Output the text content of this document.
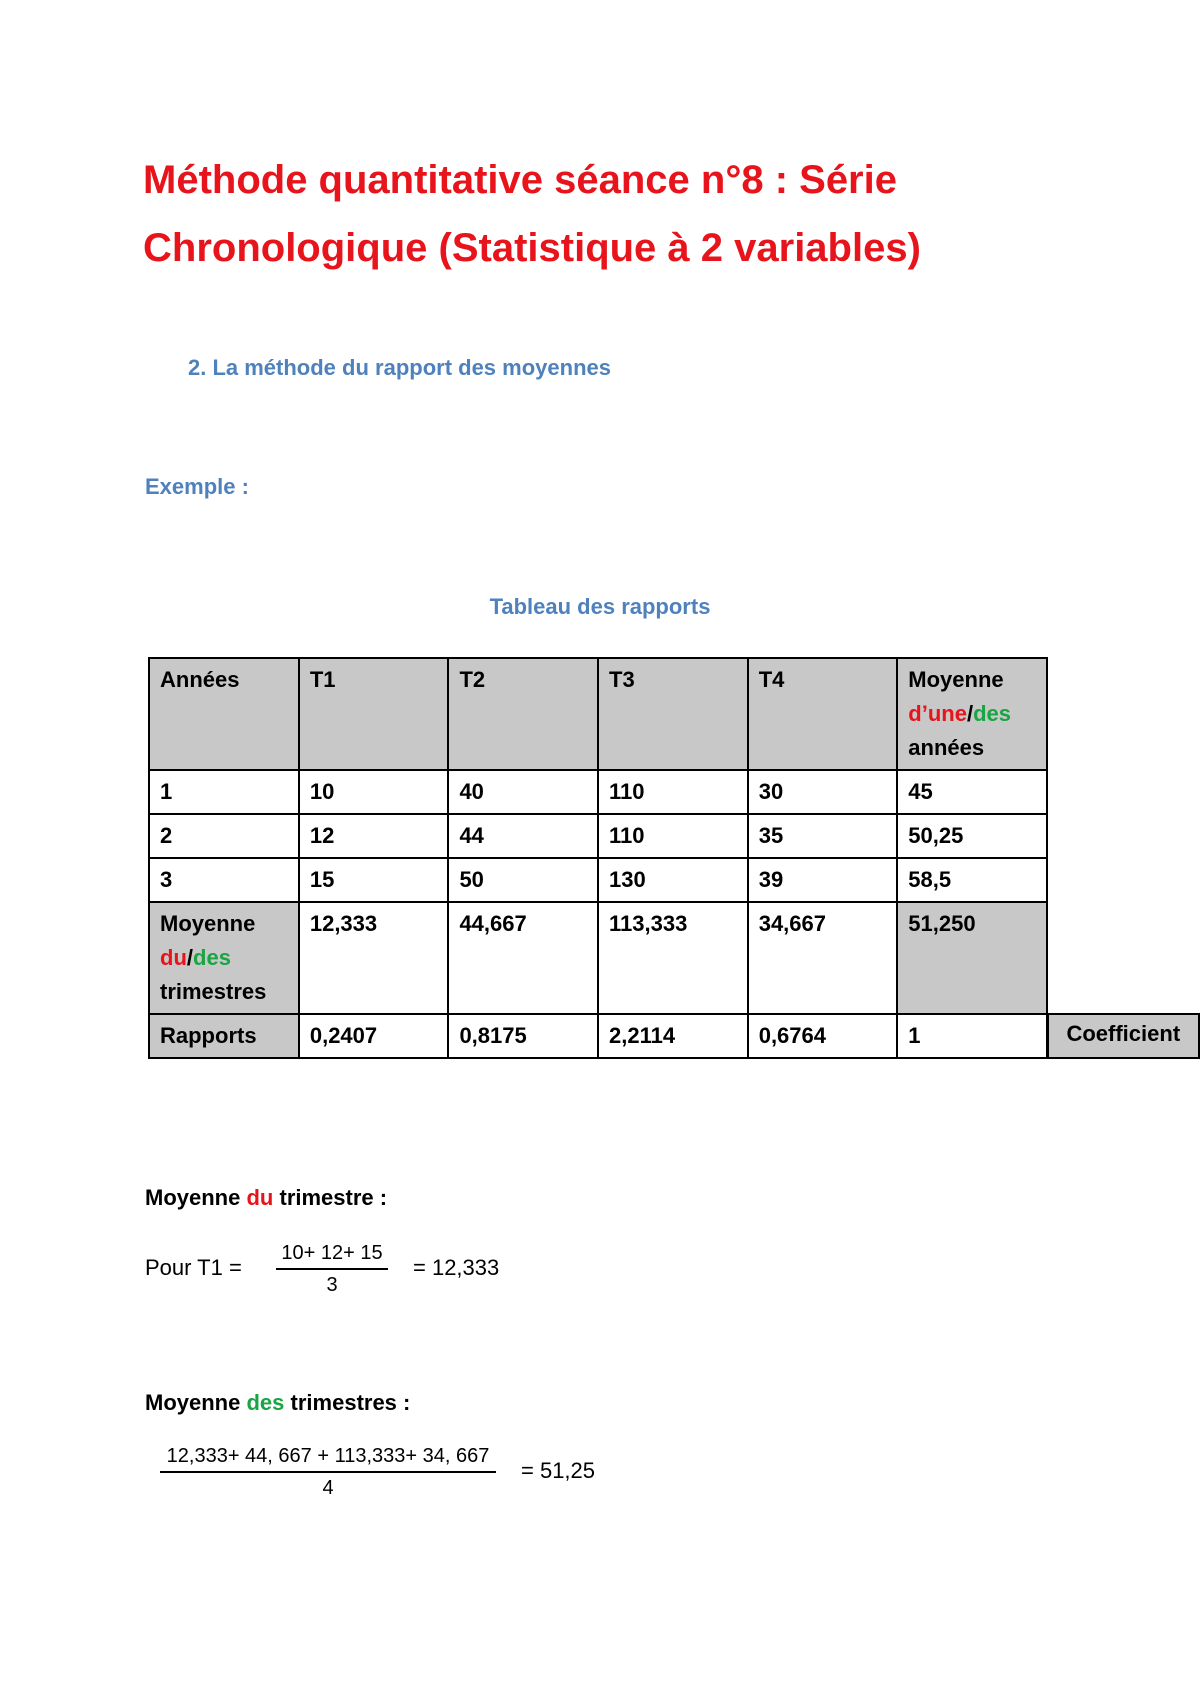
Méthode quantitative séance n°8 : Série
Chronologique (Statistique à 2 variables)
2. La méthode du rapport des moyennes
Exemple :
Tableau des rapports
Années	T1	T2	T3	T4	Moyenne
d’une/des
années	
1	10	40	110	30	45	
2	12	44	110	35	50,25	
3	15	50	130	39	58,5	
Moyenne
du/des
trimestres	12,333	44,667	113,333	34,667	51,250	
Rapports	0,2407	0,8175	2,2114	0,6764	1	Coefficient
Moyenne du trimestre :
Pour $T1 = \frac{10+ 12+ 15}{3} = 12,333$
Moyenne des trimestres :
$\frac{12,333+ 44, 667 + 113,333+ 34, 667}{4} = 51,25$
